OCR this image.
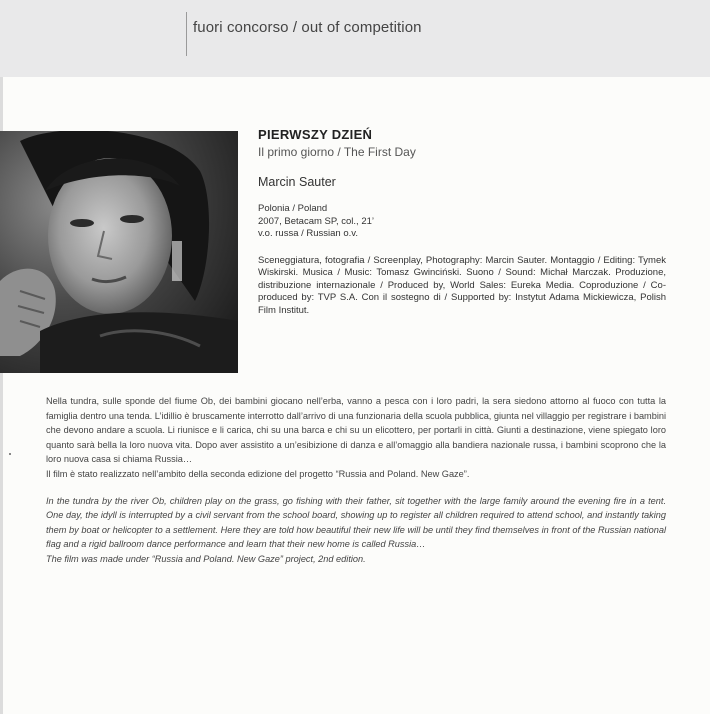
fuori concorso / out of competition
PIERWSZY DZIEŃ
Il primo giorno / The First Day
Marcin Sauter
Polonia / Poland
2007, Betacam SP, col., 21’
v.o. russa / Russian o.v.
Sceneggiatura, fotografia / Screenplay, Photography: Marcin Sauter. Montaggio / Editing: Tymek Wiskirski. Musica / Music: Tomasz Gwinciński. Suono / Sound: Michał Marczak. Produzione, distribuzione internazionale / Produced by, World Sales: Eureka Media. Coproduzione / Co-produced by: TVP S.A. Con il sostegno di / Supported by: Instytut Adama Mickiewicza, Polish Film Institut.

Nella tundra, sulle sponde del fiume Ob, dei bambini giocano nell’erba, vanno a pesca con i loro padri, la sera siedono attorno al fuoco con tutta la famiglia dentro una tenda. L’idillio è bruscamente interrotto dall’arrivo di una funzionaria della scuola pubblica, giunta nel villaggio per registrare i bambini che devono andare a scuola. Li riunisce e li carica, chi su una barca e chi su un elicottero, per portarli in città. Giunti a destinazione, viene spiegato loro quanto sarà bella la loro nuova vita. Dopo aver assistito a un’esibizione di danza e all’omaggio alla bandiera nazionale russa, i bambini scoprono che la loro nuova casa si chiama Russia…

Il film è stato realizzato nell’ambito della seconda edizione del progetto “Russia and Poland. New Gaze”.

In the tundra by the river Ob, children play on the grass, go fishing with their father, sit together with the large family around the evening fire in a tent. One day, the idyll is interrupted by a civil servant from the school board, showing up to register all children required to attend school, and instantly taking them by boat or helicopter to a settlement. Here they are told how beautiful their new life will be until they find themselves in front of the Russian national flag and a rigid ballroom dance performance and learn that their new home is called Russia…

The film was made under “Russia and Poland. New Gaze” project, 2nd edition.
